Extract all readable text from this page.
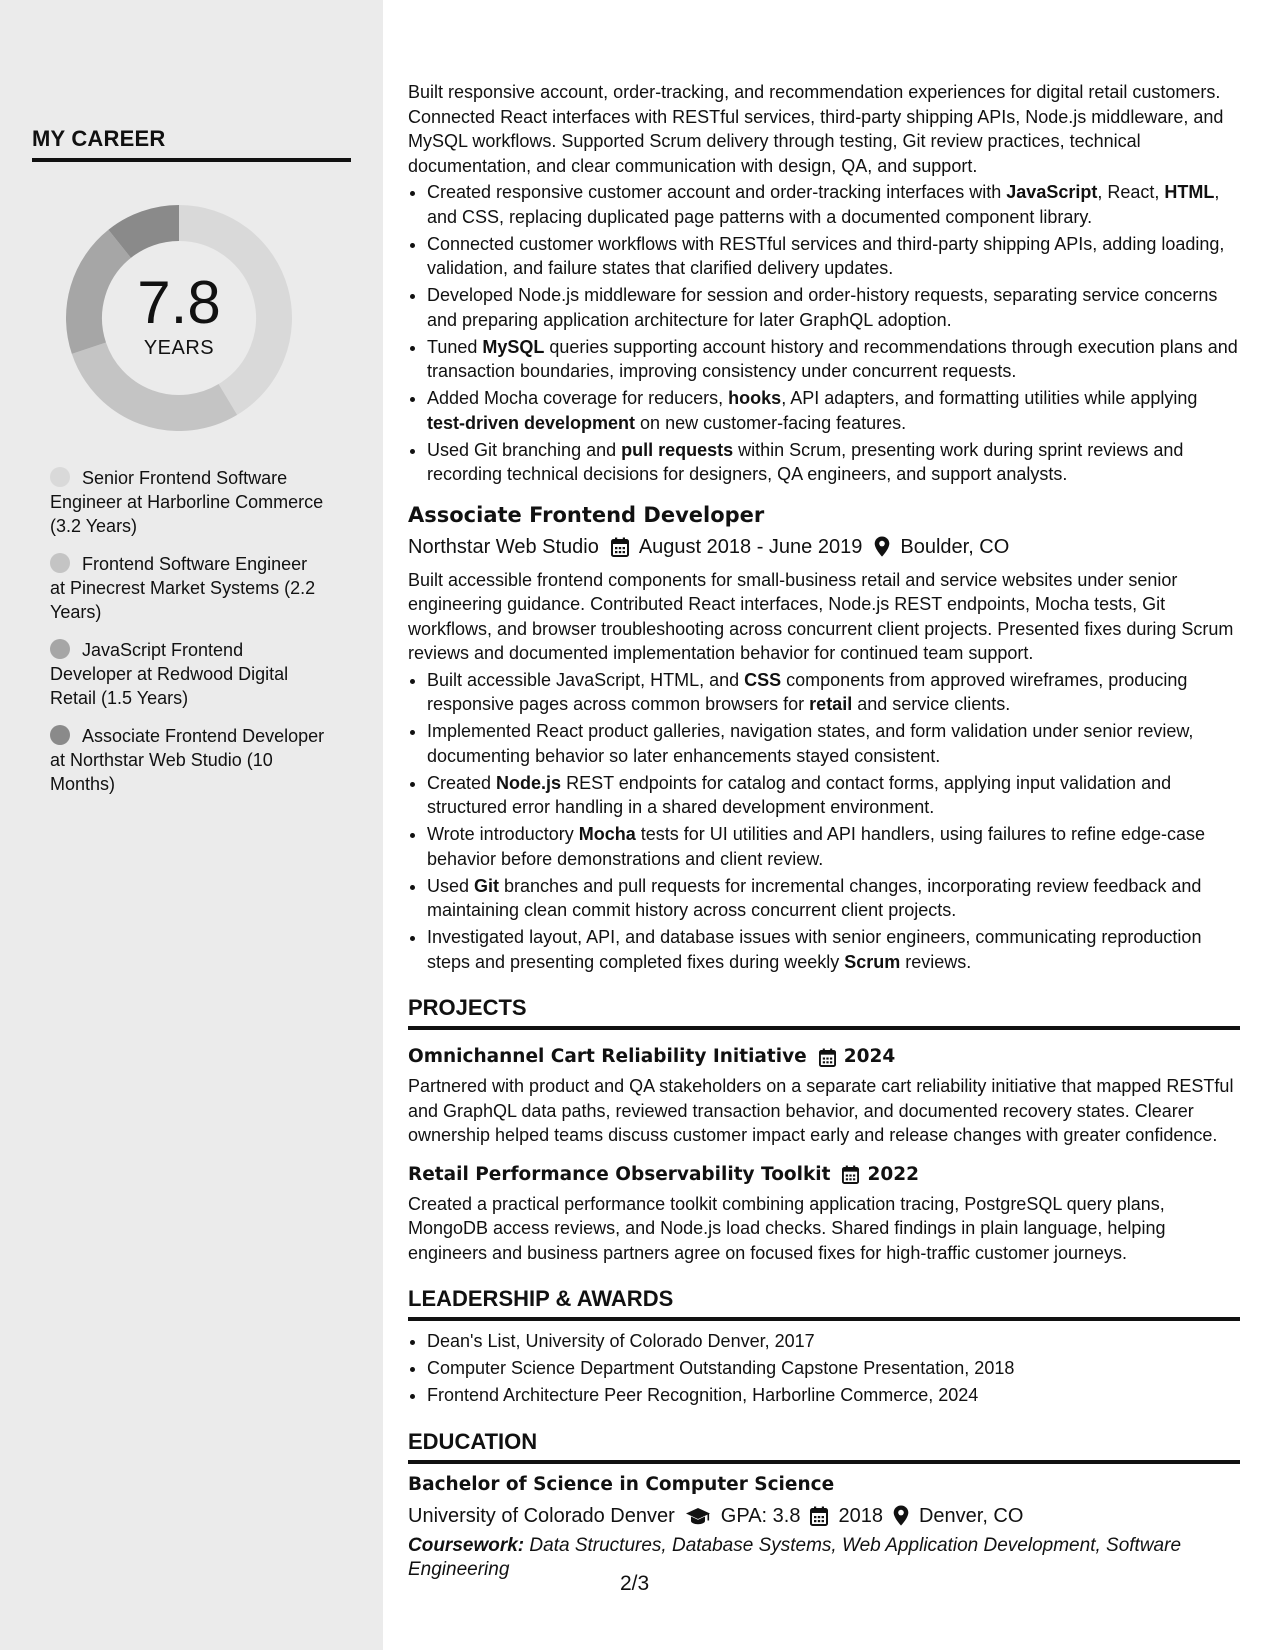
MY CAREER
7.8
YEARS
Senior Frontend Software Engineer at Harborline Commerce (3.2 Years)
Frontend Software Engineer at Pinecrest Market Systems (2.2 Years)
JavaScript Frontend Developer at Redwood Digital Retail (1.5 Years)
Associate Frontend Developer at Northstar Web Studio (10 Months)

Built responsive account, order-tracking, and recommendation experiences for digital retail customers. Connected React interfaces with RESTful services, third-party shipping APIs, Node.js middleware, and MySQL workflows. Supported Scrum delivery through testing, Git review practices, technical documentation, and clear communication with design, QA, and support.

• Created responsive customer account and order-tracking interfaces with JavaScript, React, HTML, and CSS, replacing duplicated page patterns with a documented component library.
• Connected customer workflows with RESTful services and third-party shipping APIs, adding loading, validation, and failure states that clarified delivery updates.
• Developed Node.js middleware for session and order-history requests, separating service concerns and preparing application architecture for later GraphQL adoption.
• Tuned MySQL queries supporting account history and recommendations through execution plans and transaction boundaries, improving consistency under concurrent requests.
• Added Mocha coverage for reducers, hooks, API adapters, and formatting utilities while applying test-driven development on new customer-facing features.
• Used Git branching and pull requests within Scrum, presenting work during sprint reviews and recording technical decisions for designers, QA engineers, and support analysts.
Associate Frontend Developer
Northstar Web Studio August 2018 - June 2019 Boulder, CO

Built accessible frontend components for small-business retail and service websites under senior engineering guidance. Contributed React interfaces, Node.js REST endpoints, Mocha tests, Git workflows, and browser troubleshooting across concurrent client projects. Presented fixes during Scrum reviews and documented implementation behavior for continued team support.

• Built accessible JavaScript, HTML, and CSS components from approved wireframes, producing responsive pages across common browsers for retail and service clients.
• Implemented React product galleries, navigation states, and form validation under senior review, documenting behavior so later enhancements stayed consistent.
• Created Node.js REST endpoints for catalog and contact forms, applying input validation and structured error handling in a shared development environment.
• Wrote introductory Mocha tests for UI utilities and API handlers, using failures to refine edge-case behavior before demonstrations and client review.
• Used Git branches and pull requests for incremental changes, incorporating review feedback and maintaining clean commit history across concurrent client projects.
• Investigated layout, API, and database issues with senior engineers, communicating reproduction steps and presenting completed fixes during weekly Scrum reviews.
PROJECTS
Omnichannel Cart Reliability Initiative 2024

Partnered with product and QA stakeholders on a separate cart reliability initiative that mapped RESTful and GraphQL data paths, reviewed transaction behavior, and documented recovery states. Clearer ownership helped teams discuss customer impact early and release changes with greater confidence.

Retail Performance Observability Toolkit 2022

Created a practical performance toolkit combining application tracing, PostgreSQL query plans, MongoDB access reviews, and Node.js load checks. Shared findings in plain language, helping engineers and business partners agree on focused fixes for high-traffic customer journeys.

LEADERSHIP & AWARDS
• Dean's List, University of Colorado Denver, 2017
• Computer Science Department Outstanding Capstone Presentation, 2018
• Frontend Architecture Peer Recognition, Harborline Commerce, 2024
EDUCATION
Bachelor of Science in Computer Science
University of Colorado Denver GPA: 3.8 2018 Denver, CO
Coursework: Data Structures, Database Systems, Web Application Development, Software Engineering
2/3
